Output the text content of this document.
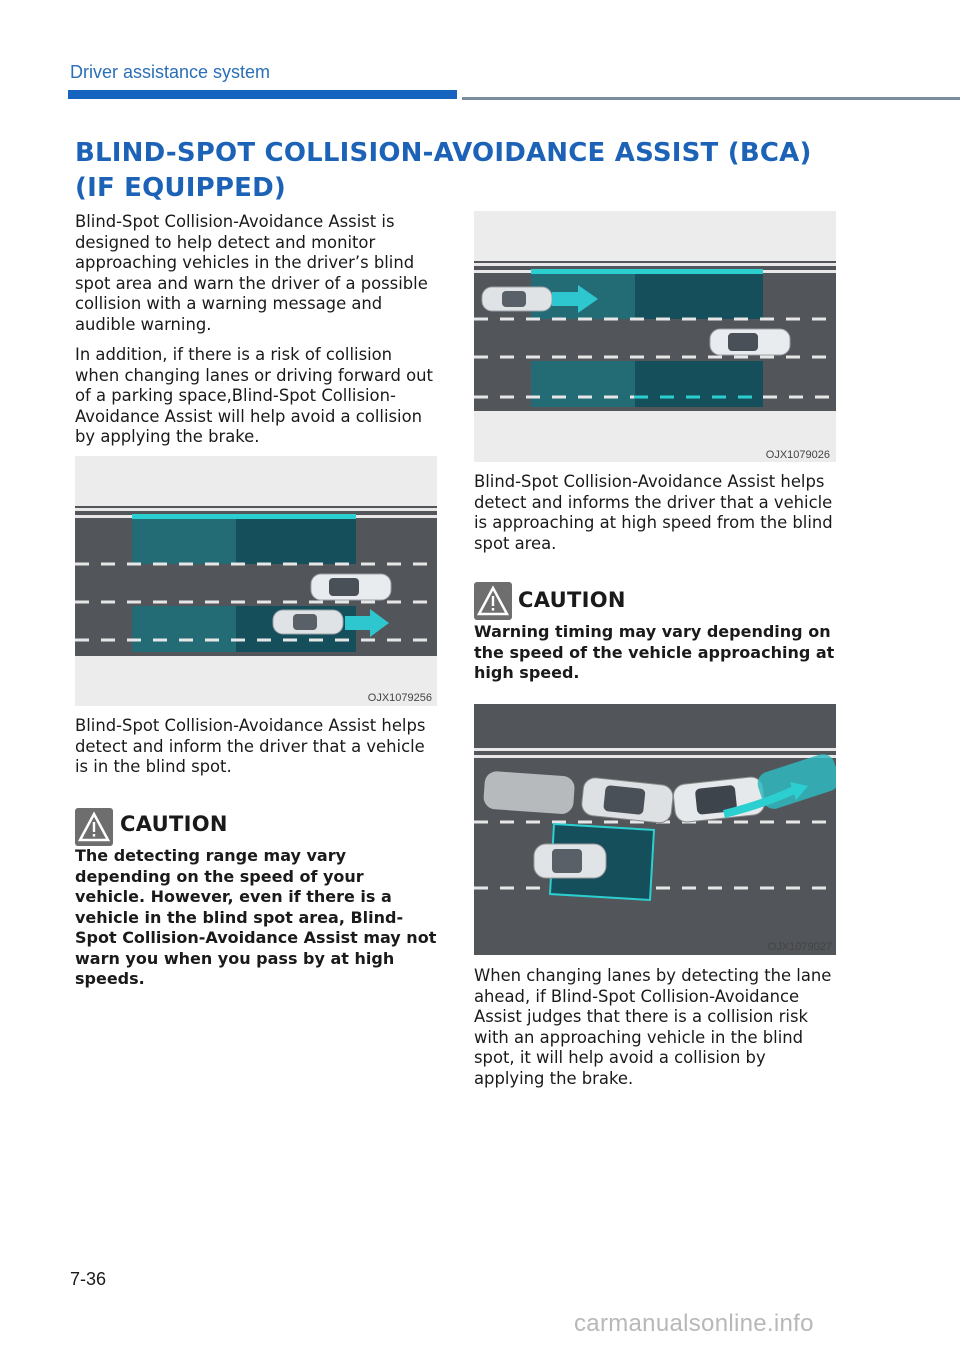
Driver assistance system
BLIND-SPOT COLLISION-AVOIDANCE ASSIST (BCA)
(IF EQUIPPED)
Blind-Spot Collision-Avoidance Assist is designed to help detect and monitor approaching vehicles in the driver’s blind spot area and warn the driver of a possible collision with a warning message and audible warning.
In addition, if there is a risk of collision when changing lanes or driving forward out of a parking space,Blind-Spot Collision-Avoidance Assist will help avoid a collision by applying the brake.
OJX1079256
Blind-Spot Collision-Avoidance Assist helps detect and inform the driver that a vehicle is in the blind spot.
CAUTION
The detecting range may vary depending on the speed of your vehicle. However, even if there is a vehicle in the blind spot area, Blind-Spot Collision-Avoidance Assist may not warn you when you pass by at high speeds.
OJX1079026
Blind-Spot Collision-Avoidance Assist helps detect and informs the driver that a vehicle is approaching at high speed from the blind spot area.
CAUTION
Warning timing may vary depending on the speed of the vehicle approaching at high speed.
OJX1079027
When changing lanes by detecting the lane ahead, if Blind-Spot Collision-Avoidance Assist judges that there is a collision risk with an approaching vehicle in the blind spot, it will help avoid a collision by applying the brake.
7-36
carmanualsonline.info
